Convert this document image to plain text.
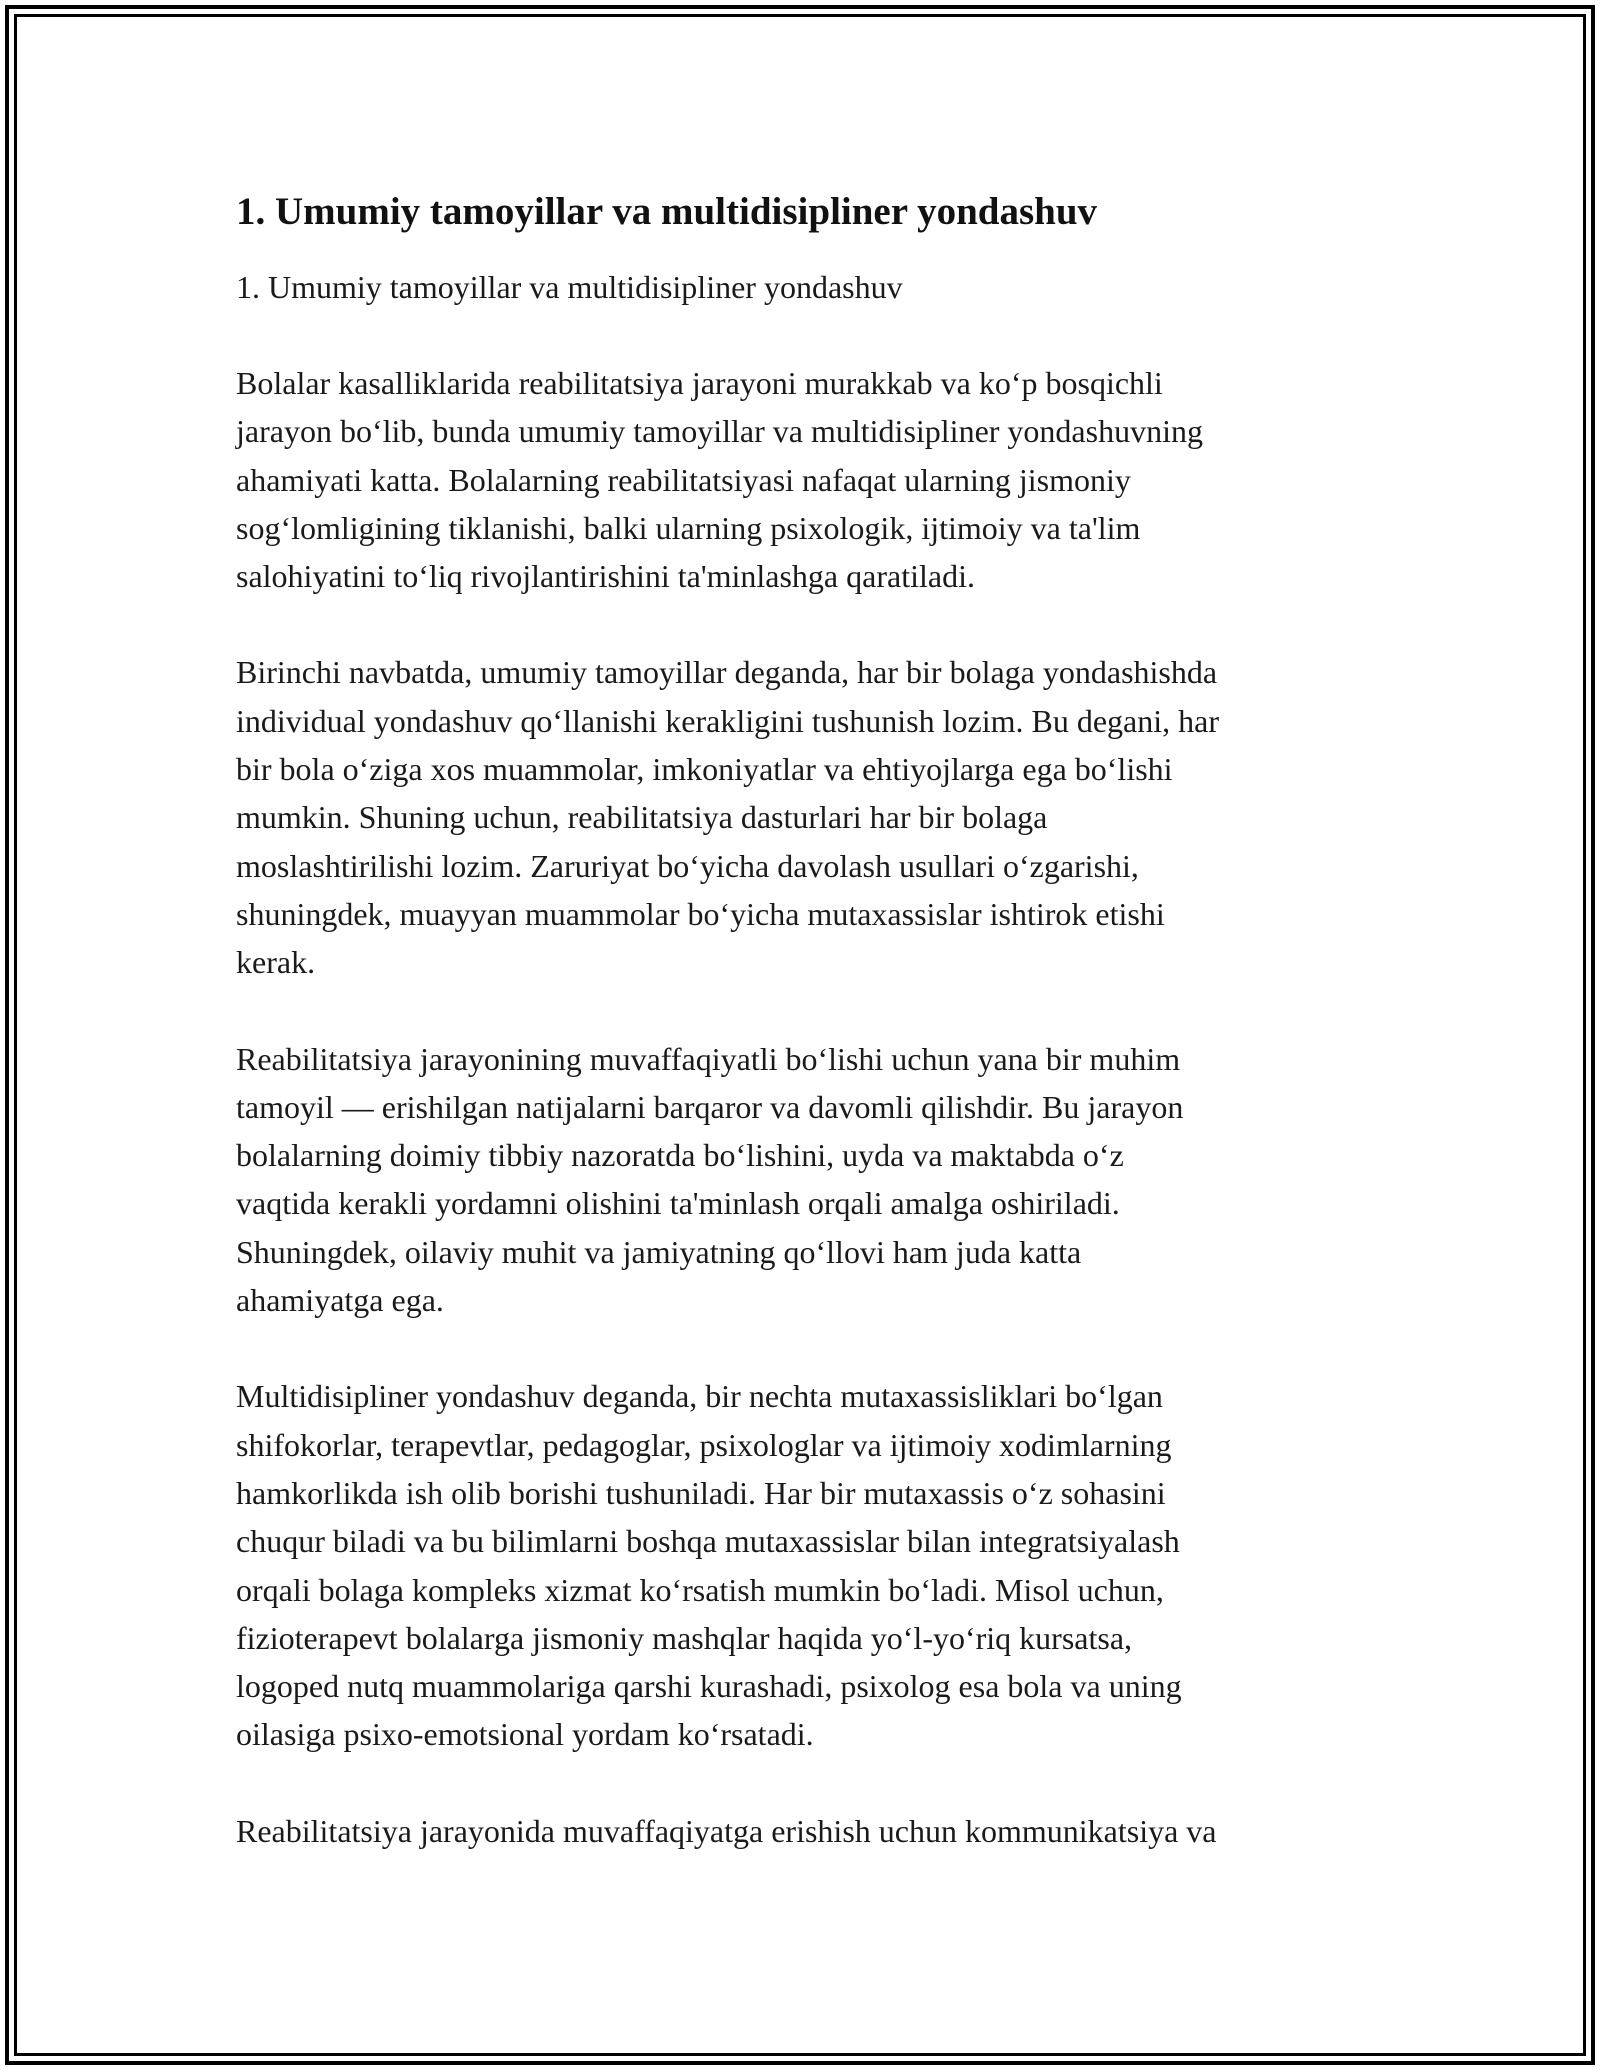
1. Umumiy tamoyillar va multidisipliner yondashuv

1. Umumiy tamoyillar va multidisipliner yondashuv

Bolalar kasalliklarida reabilitatsiya jarayoni murakkab va ko‘p bosqichli
jarayon bo‘lib, bunda umumiy tamoyillar va multidisipliner yondashuvning
ahamiyati katta. Bolalarning reabilitatsiyasi nafaqat ularning jismoniy
sog‘lomligining tiklanishi, balki ularning psixologik, ijtimoiy va ta'lim
salohiyatini to‘liq rivojlantirishini ta'minlashga qaratiladi.

Birinchi navbatda, umumiy tamoyillar deganda, har bir bolaga yondashishda
individual yondashuv qo‘llanishi kerakligini tushunish lozim. Bu degani, har
bir bola o‘ziga xos muammolar, imkoniyatlar va ehtiyojlarga ega bo‘lishi
mumkin. Shuning uchun, reabilitatsiya dasturlari har bir bolaga
moslashtirilishi lozim. Zaruriyat bo‘yicha davolash usullari o‘zgarishi,
shuningdek, muayyan muammolar bo‘yicha mutaxassislar ishtirok etishi
kerak.

Reabilitatsiya jarayonining muvaffaqiyatli bo‘lishi uchun yana bir muhim
tamoyil — erishilgan natijalarni barqaror va davomli qilishdir. Bu jarayon
bolalarning doimiy tibbiy nazoratda bo‘lishini, uyda va maktabda o‘z
vaqtida kerakli yordamni olishini ta'minlash orqali amalga oshiriladi.
Shuningdek, oilaviy muhit va jamiyatning qo‘llovi ham juda katta
ahamiyatga ega.

Multidisipliner yondashuv deganda, bir nechta mutaxassisliklari bo‘lgan
shifokorlar, terapevtlar, pedagoglar, psixologlar va ijtimoiy xodimlarning
hamkorlikda ish olib borishi tushuniladi. Har bir mutaxassis o‘z sohasini
chuqur biladi va bu bilimlarni boshqa mutaxassislar bilan integratsiyalash
orqali bolaga kompleks xizmat ko‘rsatish mumkin bo‘ladi. Misol uchun,
fizioterapevt bolalarga jismoniy mashqlar haqida yo‘l-yo‘riq kursatsa,
logoped nutq muammolariga qarshi kurashadi, psixolog esa bola va uning
oilasiga psixo-emotsional yordam ko‘rsatadi.

Reabilitatsiya jarayonida muvaffaqiyatga erishish uchun kommunikatsiya va
